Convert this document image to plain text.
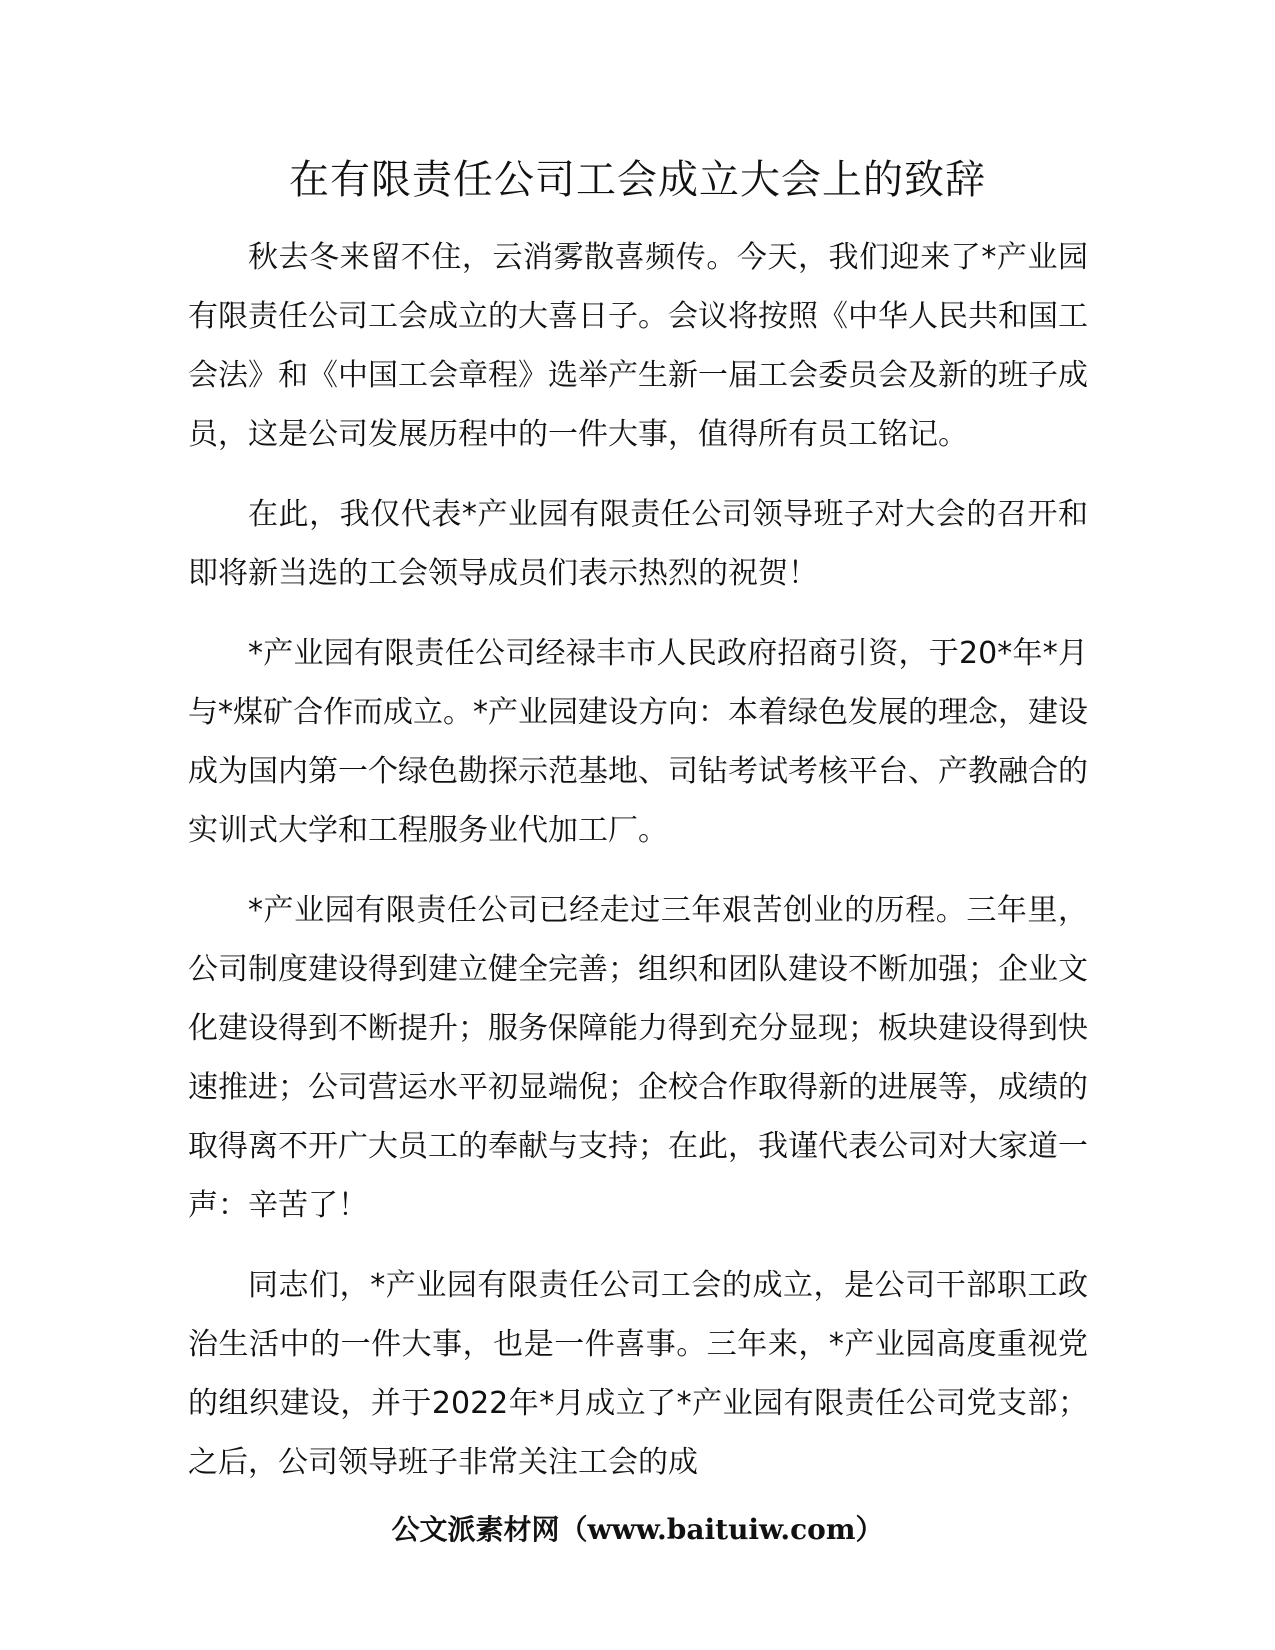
在有限责任公司工会成立大会上的致辞

秋去冬来留不住，云消雾散喜频传。今天，我们迎来了*产业园有限责任公司工会成立的大喜日子。会议将按照《中华人民共和国工会法》和《中国工会章程》选举产生新一届工会委员会及新的班子成员，这是公司发展历程中的一件大事，值得所有员工铭记。

在此，我仅代表*产业园有限责任公司领导班子对大会的召开和即将新当选的工会领导成员们表示热烈的祝贺！

*产业园有限责任公司经禄丰市人民政府招商引资，于20*年*月与*煤矿合作而成立。*产业园建设方向：本着绿色发展的理念，建设成为国内第一个绿色勘探示范基地、司钻考试考核平台、产教融合的实训式大学和工程服务业代加工厂。

*产业园有限责任公司已经走过三年艰苦创业的历程。三年里，公司制度建设得到建立健全完善；组织和团队建设不断加强；企业文化建设得到不断提升；服务保障能力得到充分显现；板块建设得到快速推进；公司营运水平初显端倪；企校合作取得新的进展等，成绩的取得离不开广大员工的奉献与支持；在此，我谨代表公司对大家道一声：辛苦了！

同志们，*产业园有限责任公司工会的成立，是公司干部职工政治生活中的一件大事，也是一件喜事。三年来，*产业园高度重视党的组织建设，并于2022年*月成立了*产业园有限责任公司党支部；之后，公司领导班子非常关注工会的成

公文派素材网（www.baituiw.com）
